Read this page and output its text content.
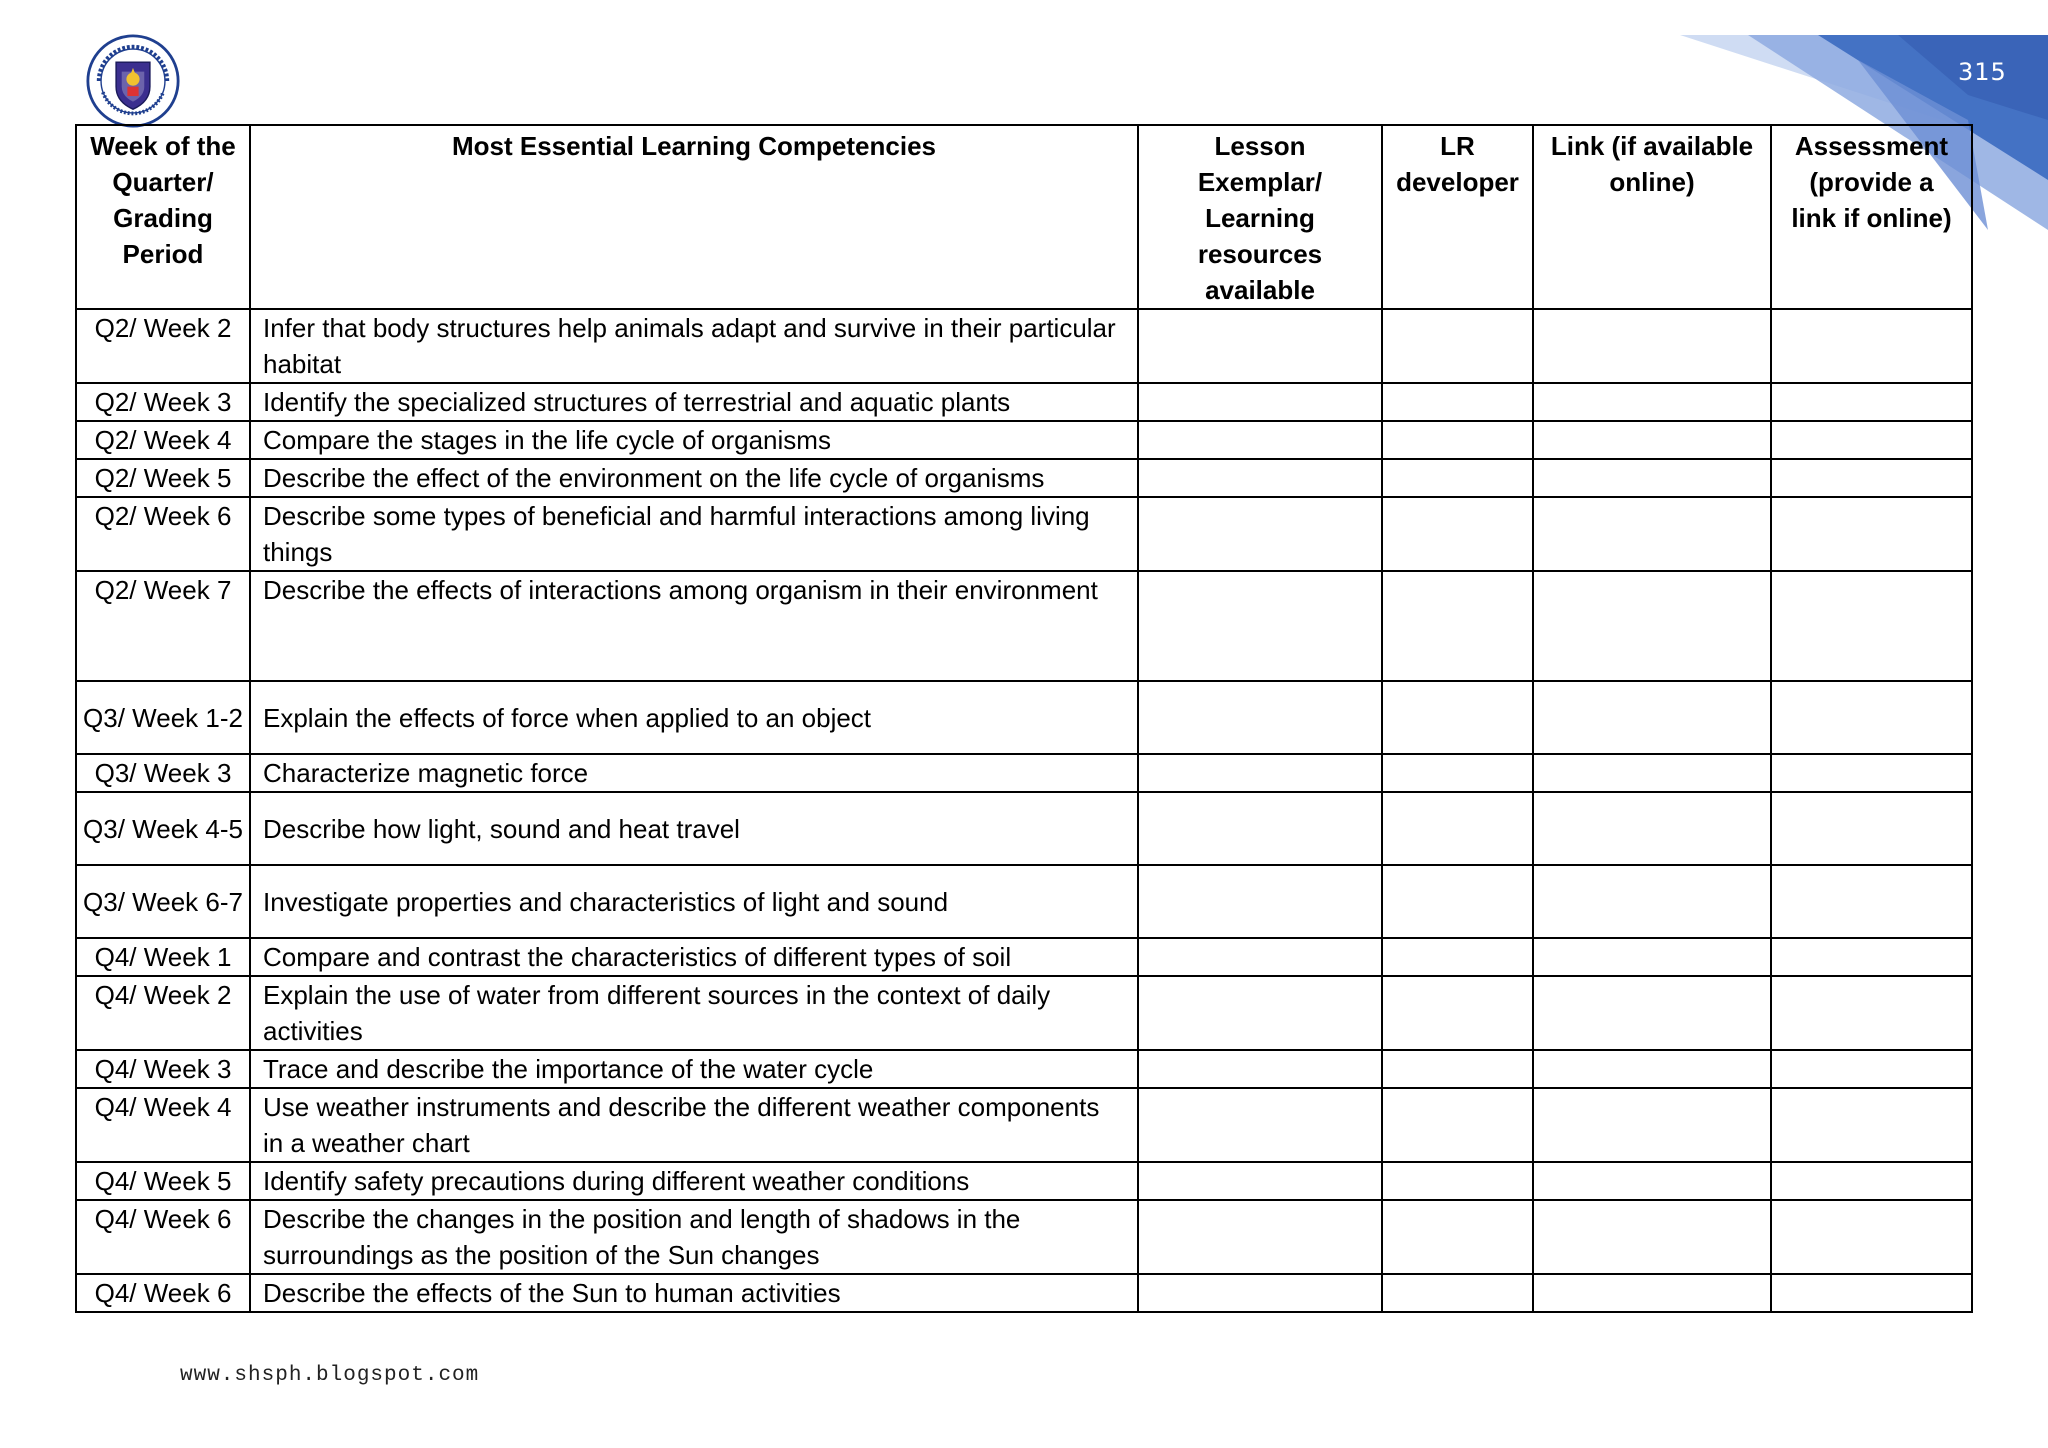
315
Week of the Quarter/ Grading Period	Most Essential Learning Competencies	Lesson Exemplar/ Learning resources available	LR developer	Link (if available online)	Assessment (provide a link if online)
Q2/ Week 2	Infer that body structures help animals adapt and survive in their particular habitat				
Q2/ Week 3	Identify the specialized structures of terrestrial and aquatic plants				
Q2/ Week 4	Compare the stages in the life cycle of organisms				
Q2/ Week 5	Describe the effect of the environment on the life cycle of organisms				
Q2/ Week 6	Describe some types of beneficial and harmful interactions among living things				
Q2/ Week 7	Describe the effects of interactions among organism in their environment				
Q3/ Week 1-2	Explain the effects of force when applied to an object				
Q3/ Week 3	Characterize magnetic force				
Q3/ Week 4-5	Describe how light, sound and heat travel				
Q3/ Week 6-7	Investigate properties and characteristics of light and sound				
Q4/ Week 1	Compare and contrast the characteristics of different types of soil				
Q4/ Week 2	Explain the use of water from different sources in the context of daily activities				
Q4/ Week 3	Trace and describe the importance of the water cycle				
Q4/ Week 4	Use weather instruments and describe the different weather components in a weather chart				
Q4/ Week 5	Identify safety precautions during different weather conditions				
Q4/ Week 6	Describe the changes in the position and length of shadows in the surroundings as the position of the Sun changes				
Q4/ Week 6	Describe the effects of the Sun to human activities				
www.shsph.blogspot.com
